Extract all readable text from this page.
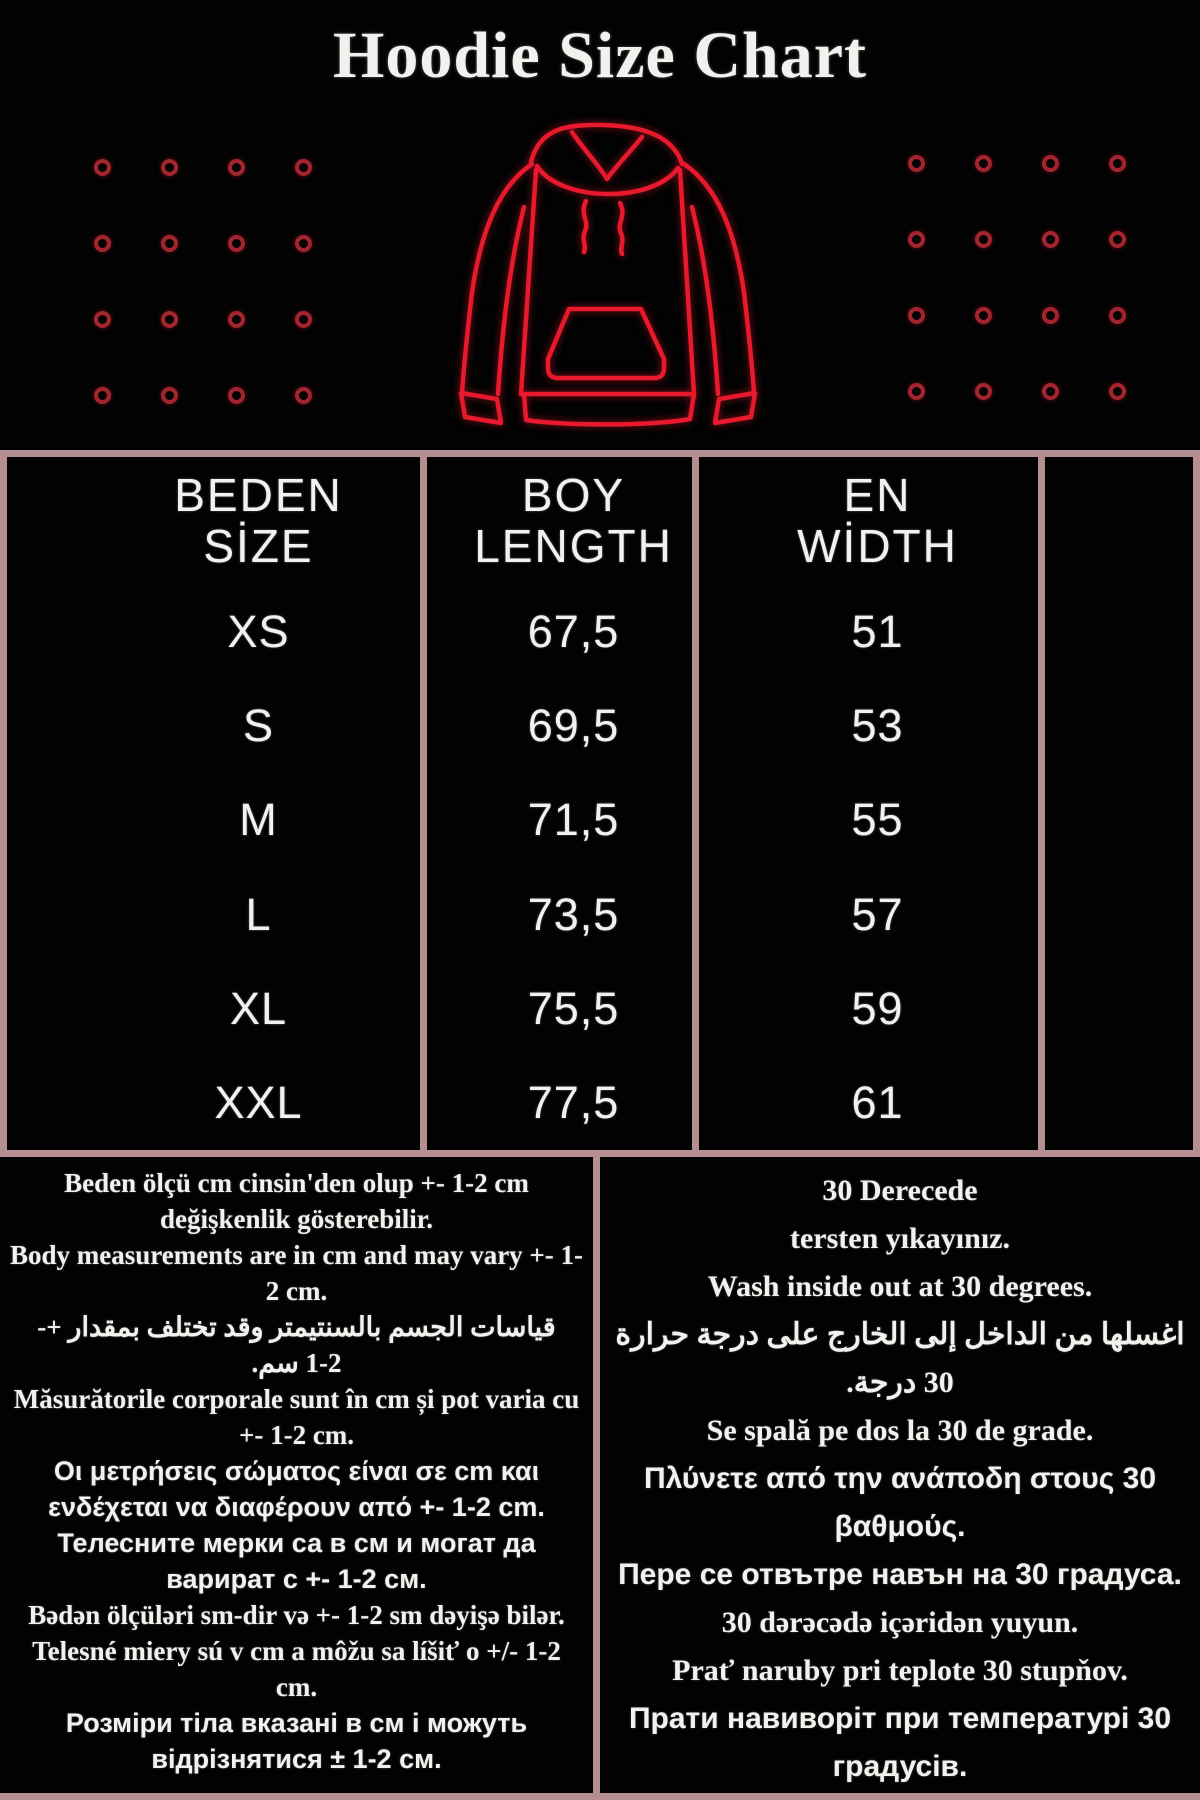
Hoodie Size Chart
BEDEN
SİZE
XS
S
M
L
XL
XXL
BOY
LENGTH
67,5
69,5
71,5
73,5
75,5
77,5
EN
WİDTH
51
53
55
57
59
61
Beden ölçü cm cinsin'den olup +- 1-2 cm
değişkenlik gösterebilir.
Body measurements are in cm and may vary +- 1-
2 cm.
قياسات الجسم بالسنتيمتر وقد تختلف بمقدار +-
1-2 سم.
Măsurătorile corporale sunt în cm și pot varia cu
+- 1-2 cm.
Οι μετρήσεις σώματος είναι σε cm και
ενδέχεται να διαφέρουν από +- 1-2 cm.
Телесните мерки са в см и могат да
варират с +- 1-2 см.
Bədən ölçüləri sm-dir və +- 1-2 sm dəyişə bilər.
Telesné miery sú v cm a môžu sa líšiť o +/- 1-2
cm.
Розміри тіла вказані в см і можуть
відрізнятися ± 1-2 см.
30 Derecede
tersten yıkayınız.
Wash inside out at 30 degrees.
اغسلها من الداخل إلى الخارج على درجة حرارة
30 درجة.
Se spală pe dos la 30 de grade.
Πλύνετε από την ανάποδη στους 30
βαθμούς.
Пере се отвътре навън на 30 градуса.
30 dərəcədə içəridən yuyun.
Prať naruby pri teplote 30 stupňov.
Прати навиворіт при температурі 30
градусів.
